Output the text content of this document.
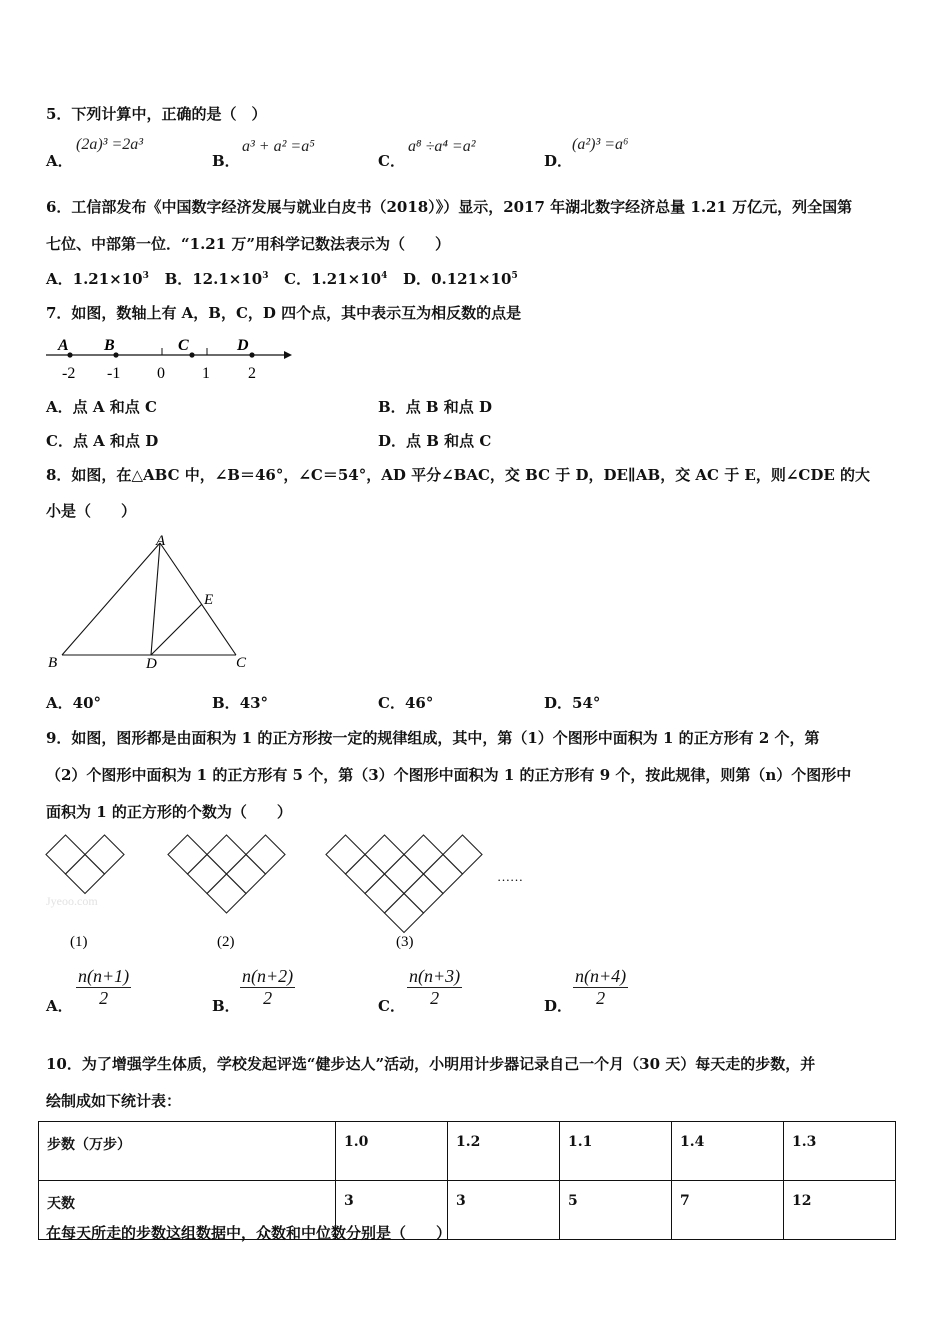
5．下列计算中，正确的是（　）
A．
(2a)³ =2a³
B．
a³ + a² =a⁵
C．
a⁸ ÷a⁴ =a²
D．
(a²)³ =a⁶
6．工信部发布《中国数字经济发展与就业白皮书（2018）》）显示，2017 年湖北数字经济总量 1.21 万亿元，列全国第
七位、中部第一位．“1.21 万”用科学记数法表示为（　　）
A．$1.21\times 10^3$ B．$12.1\times 10^3$ C．$1.21\times 10^4$ D．$0.121\times 10^5$
7．如图，数轴上有 A，B，C，D 四个点，其中表示互为相反数的点是
A B	C	D
-2 -1 0 1 2
A．点 A 和点 C	B．点 B 和点 D
C．点 A 和点 D	D．点 B 和点 C
8．如图，在△ABC 中，∠B＝46°，∠C＝54°，AD 平分∠BAC，交 BC 于 D，DE∥AB，交 AC 于 E，则∠CDE 的大
小是（　　）
A
B	C
D
E
A．40°	B．43°	C．46°	D．54°
9．如图，图形都是由面积为 1 的正方形按一定的规律组成，其中，第（1）个图形中面积为 1 的正方形有 2 个，第
（2）个图形中面积为 1 的正方形有 5 个，第（3）个图形中面积为 1 的正方形有 9 个，按此规律，则第（n）个图形中
面积为 1 的正方形的个数为（　　）
Jyeoo.com
……
(1)	(2)	(3)
A． $\frac{n(n+1)}{2}$	B． $\frac{n(n+2)}{2}$	C． $\frac{n(n+3)}{2}$	D． $\frac{n(n+4)}{2}$
10．为了增强学生体质，学校发起评选“健步达人”活动，小明用计步器记录自己一个月（30 天）每天走的步数，并
绘制成如下统计表：
步数（万步）	1.0	1.2	1.1	1.4	1.3
天数	3	3	5	7	12
在每天所走的步数这组数据中，众数和中位数分别是（　　）
